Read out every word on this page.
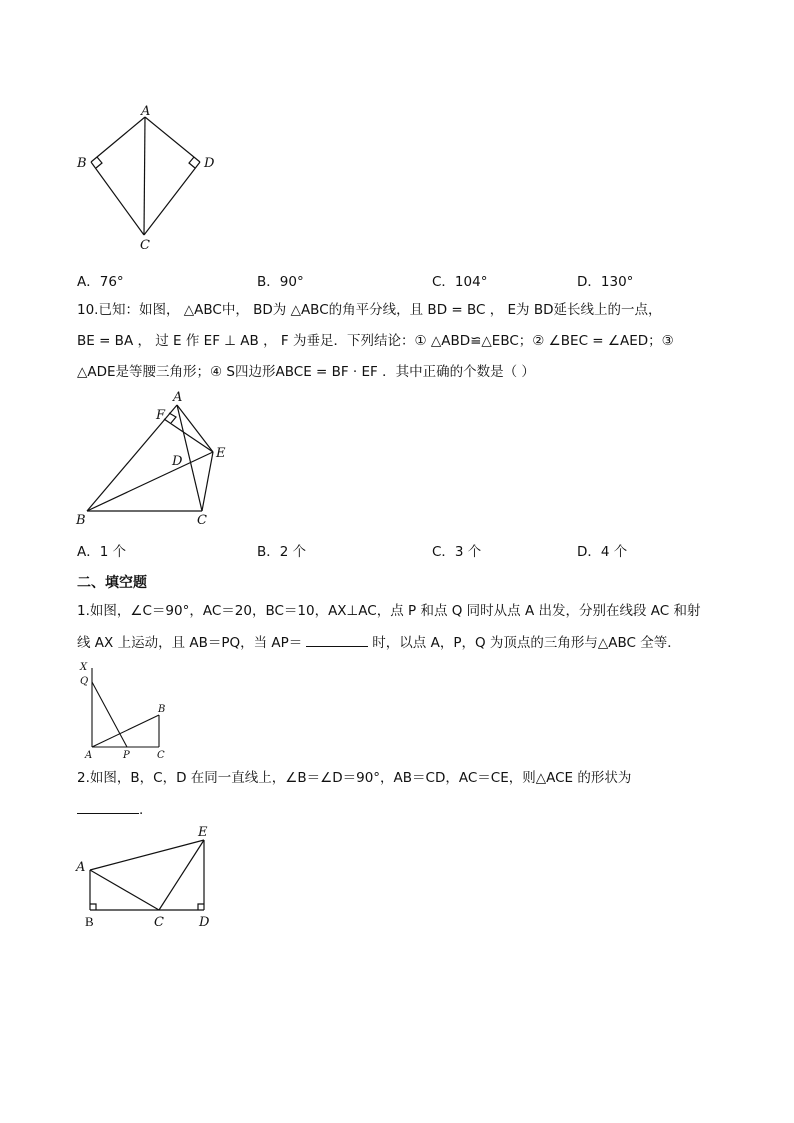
A
B
C
D
A．76°	B．90°	C．104°	D．130°
10.已知：如图， △ABC中， BD为 △ABC的角平分线，且 BD = BC ， E为 BD延长线上的一点，
BE = BA ， 过 E 作 EF ⊥ AB ， F 为垂足．下列结论：① △ABD≌△EBC；② ∠BEC = ∠AED；③
△ADE是等腰三角形；④ S四边形ABCE = BF · EF ．其中正确的个数是（ ）
A
F
D
E
B	C
A．1 个	B．2 个	C．3 个	D．4 个
二、填空题
1.如图，∠C＝90°，AC＝20，BC＝10，AX⊥AC，点 P 和点 Q 同时从点 A 出发，分别在线段 AC 和射
线 AX 上运动，且 AB＝PQ，当 AP＝	时，以点 A，P，Q 为顶点的三角形与△ABC 全等．
X
Q
B
A	P	C
2.如图，B，C，D 在同一直线上，∠B＝∠D＝90°，AB＝CD，AC＝CE，则△ACE 的形状为
.
A
B	C	D
E
